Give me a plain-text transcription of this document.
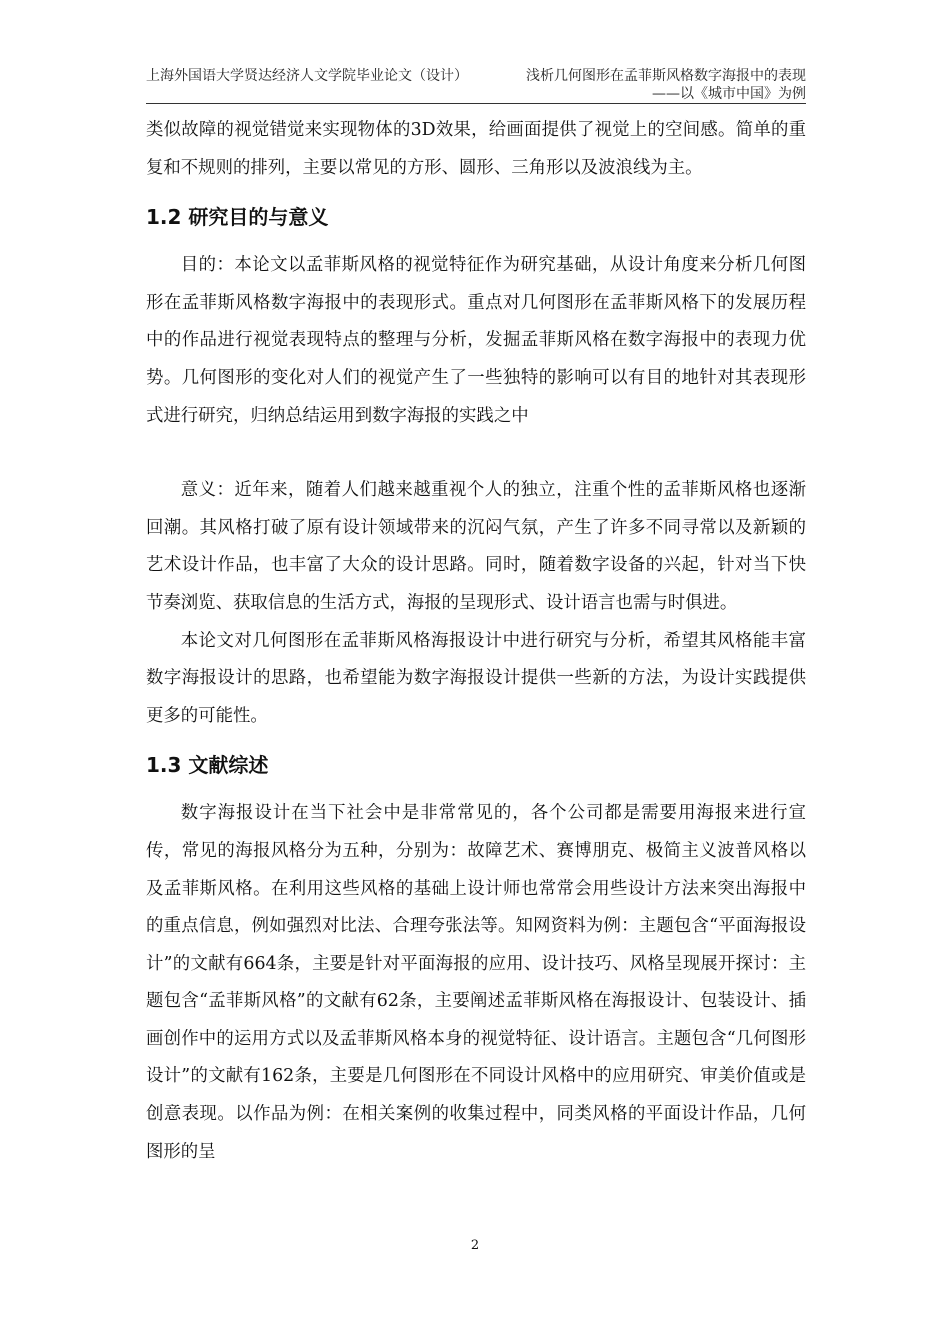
上海外国语大学贤达经济人文学院毕业论文（设计）	浅析几何图形在孟菲斯风格数字海报中的表现
——以《城市中国》为例

类似故障的视觉错觉来实现物体的3D效果，给画面提供了视觉上的空间感。简单的重复和不规则的排列，主要以常见的方形、圆形、三角形以及波浪线为主。

1.2 研究目的与意义

目的：本论文以孟菲斯风格的视觉特征作为研究基础，从设计角度来分析几何图形在孟菲斯风格数字海报中的表现形式。重点对几何图形在孟菲斯风格下的发展历程中的作品进行视觉表现特点的整理与分析，发掘孟菲斯风格在数字海报中的表现力优势。几何图形的变化对人们的视觉产生了一些独特的影响可以有目的地针对其表现形式进行研究，归纳总结运用到数字海报的实践之中

意义：近年来，随着人们越来越重视个人的独立，注重个性的孟菲斯风格也逐渐回潮。其风格打破了原有设计领域带来的沉闷气氛，产生了许多不同寻常以及新颖的艺术设计作品，也丰富了大众的设计思路。同时，随着数字设备的兴起，针对当下快节奏浏览、获取信息的生活方式，海报的呈现形式、设计语言也需与时俱进。

本论文对几何图形在孟菲斯风格海报设计中进行研究与分析，希望其风格能丰富数字海报设计的思路，也希望能为数字海报设计提供一些新的方法，为设计实践提供更多的可能性。

1.3 文献综述

数字海报设计在当下社会中是非常常见的，各个公司都是需要用海报来进行宣传，常见的海报风格分为五种，分别为：故障艺术、赛博朋克、极简主义波普风格以及孟菲斯风格。在利用这些风格的基础上设计师也常常会用些设计方法来突出海报中的重点信息，例如强烈对比法、合理夸张法等。知网资料为例：主题包含“平面海报设计”的文献有664条，主要是针对平面海报的应用、设计技巧、风格呈现展开探讨：主题包含“孟菲斯风格”的文献有62条，主要阐述孟菲斯风格在海报设计、包装设计、插画创作中的运用方式以及孟菲斯风格本身的视觉特征、设计语言。主题包含“几何图形设计”的文献有162条，主要是几何图形在不同设计风格中的应用研究、审美价值或是创意表现。以作品为例：在相关案例的收集过程中，同类风格的平面设计作品，几何图形的呈

2
